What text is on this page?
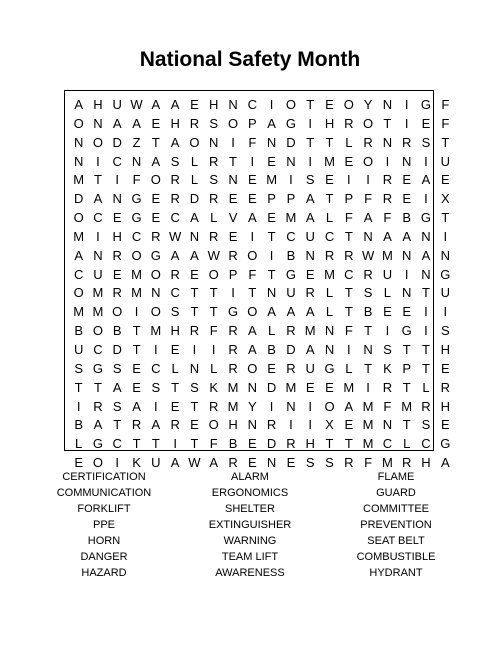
National Safety Month
A H U W A A E H N C I O T E O Y N I G F
O N A A E H R S O P A G I H R O T	I	E F
N O D Z T A O N I	F N D T T L R N R S T
N I C N A S L R T	I	E N I M E O I N I U
M T	I	F O R L S N E M I	S E	I	I R E A E
D A N G E R D R E E P P A T P F R E	I	X
O C E G E C A L V A E M A L F A F B G T
M I H C R W N R E	I	T C U C T N A A N I
A N R O G A A W R O I	B N R R W M N A N
C U E M O R E O P F T G E M C R U I N G
O M R M N C T T	I	T N U R L T S L N T U
M M O I O S T T G O A A A L T B E E	I	I
B O B T M H R F R A L R M N F T	I G I	S
U C D T	I	E	I	I R A B D A N I N S T T H
S G S E C L N L R O E R U G L T K P T E
T T A E S T S K M N D M E E M I R T L R
I R S A	I	E T R M Y	I N I O A M F M R H
B A T R A R E O H N R I	I	X E M N T S E
L G C T T	I	T F B E D R H T T M C L C G
E O I	K U A W A R E N E S S R F M R H A
CERTIFICATION
COMMUNICATION
FORKLIFT
PPE
HORN
DANGER
HAZARD
ALARM
ERGONOMICS
SHELTER
EXTINGUISHER
WARNING
TEAM LIFT
AWARENESS
FLAME
GUARD
COMMITTEE
PREVENTION
SEAT BELT
COMBUSTIBLE
HYDRANT
